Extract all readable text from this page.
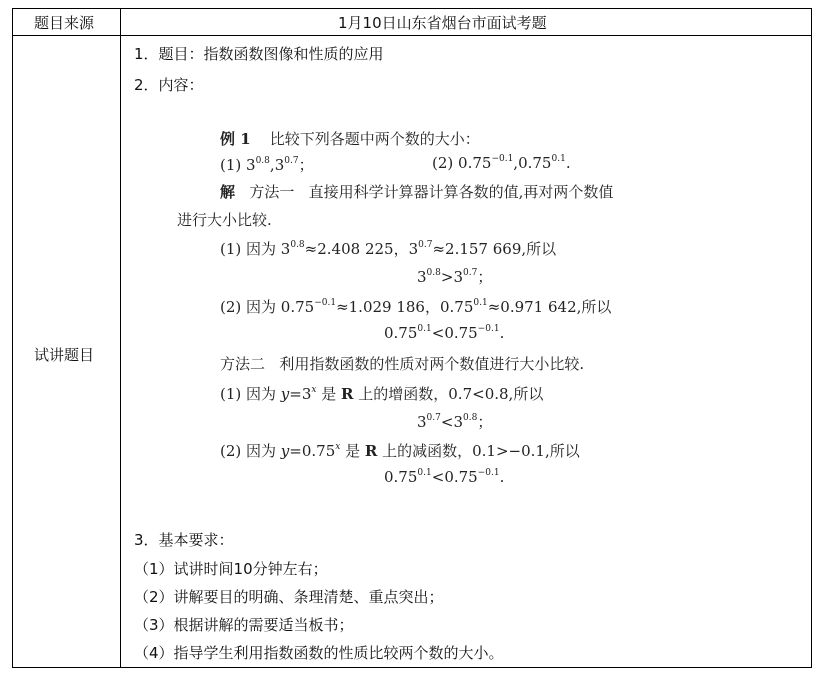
题目来源	1月10日山东省烟台市面试考题
试讲题目
1．题目：指数函数图像和性质的应用
2．内容：
例 1 比较下列各题中两个数的大小：
(1) $3^{0.8},3^{0.7}$；	(2) $0.75^{-0.1},0.75^{0.1}$.
解 方法一 直接用科学计算器计算各数的值,再对两个数值
进行大小比较.
(1) 因为 $3^{0.8}\approx 2.408$ 225，$3^{0.7}\approx 2.157$ 669,所以
$3^{0.8}>3^{0.7}$；
(2) 因为 $0.75^{-0.1}\approx 1.029$ 186，$0.75^{0.1}\approx 0.971$ 642,所以
$0.75^{0.1}<0.75^{-0.1}$.
方法二 利用指数函数的性质对两个数值进行大小比较.
(1) 因为 $y=3^x$ 是 R 上的增函数，0.7<0.8,所以
$3^{0.7}<3^{0.8}$；
(2) 因为 $y=0.75^x$ 是 R 上的减函数，0.1>−0.1,所以
$0.75^{0.1}<0.75^{-0.1}$.
3．基本要求：
（1）试讲时间10分钟左右；
（2）讲解要目的明确、条理清楚、重点突出；
（3）根据讲解的需要适当板书；
（4）指导学生利用指数函数的性质比较两个数的大小。
